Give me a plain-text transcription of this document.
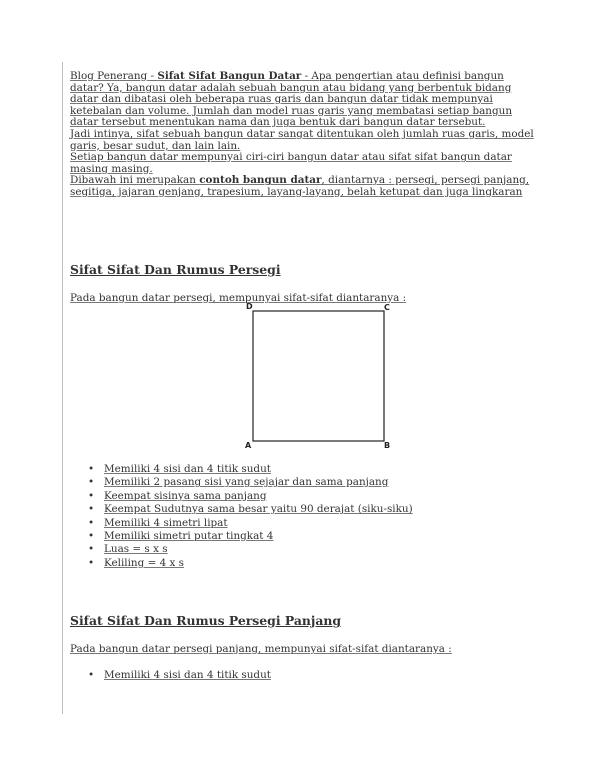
Blog Penerang - Sifat Sifat Bangun Datar - Apa pengertian atau definisi bangun datar? Ya, bangun datar adalah sebuah bangun atau bidang yang berbentuk bidang datar dan dibatasi oleh beberapa ruas garis dan bangun datar tidak mempunyai ketebalan dan volume. Jumlah dan model ruas garis yang membatasi setiap bangun datar tersebut menentukan nama dan juga bentuk dari bangun datar tersebut.

Jadi intinya, sifat sebuah bangun datar sangat ditentukan oleh jumlah ruas garis, model garis, besar sudut, dan lain lain.

Setiap bangun datar mempunyai ciri-ciri bangun datar atau sifat sifat bangun datar masing masing.

Dibawah ini merupakan contoh bangun datar, diantarnya : persegi, persegi panjang, segitiga, jajaran genjang, trapesium, layang-layang, belah ketupat dan juga lingkaran

Sifat Sifat Dan Rumus Persegi
Pada bangun datar persegi, mempunyai sifat-sifat diantaranya :
D	C
A	B
• Memiliki 4 sisi dan 4 titik sudut
• Memiliki 2 pasang sisi yang sejajar dan sama panjang
• Keempat sisinya sama panjang
• Keempat Sudutnya sama besar yaitu 90 derajat (siku-siku)
• Memiliki 4 simetri lipat
• Memiliki simetri putar tingkat 4
• Luas = s x s
• Keliling = 4 x s
Sifat Sifat Dan Rumus Persegi Panjang
Pada bangun datar persegi panjang, mempunyai sifat-sifat diantaranya :
• Memiliki 4 sisi dan 4 titik sudut
